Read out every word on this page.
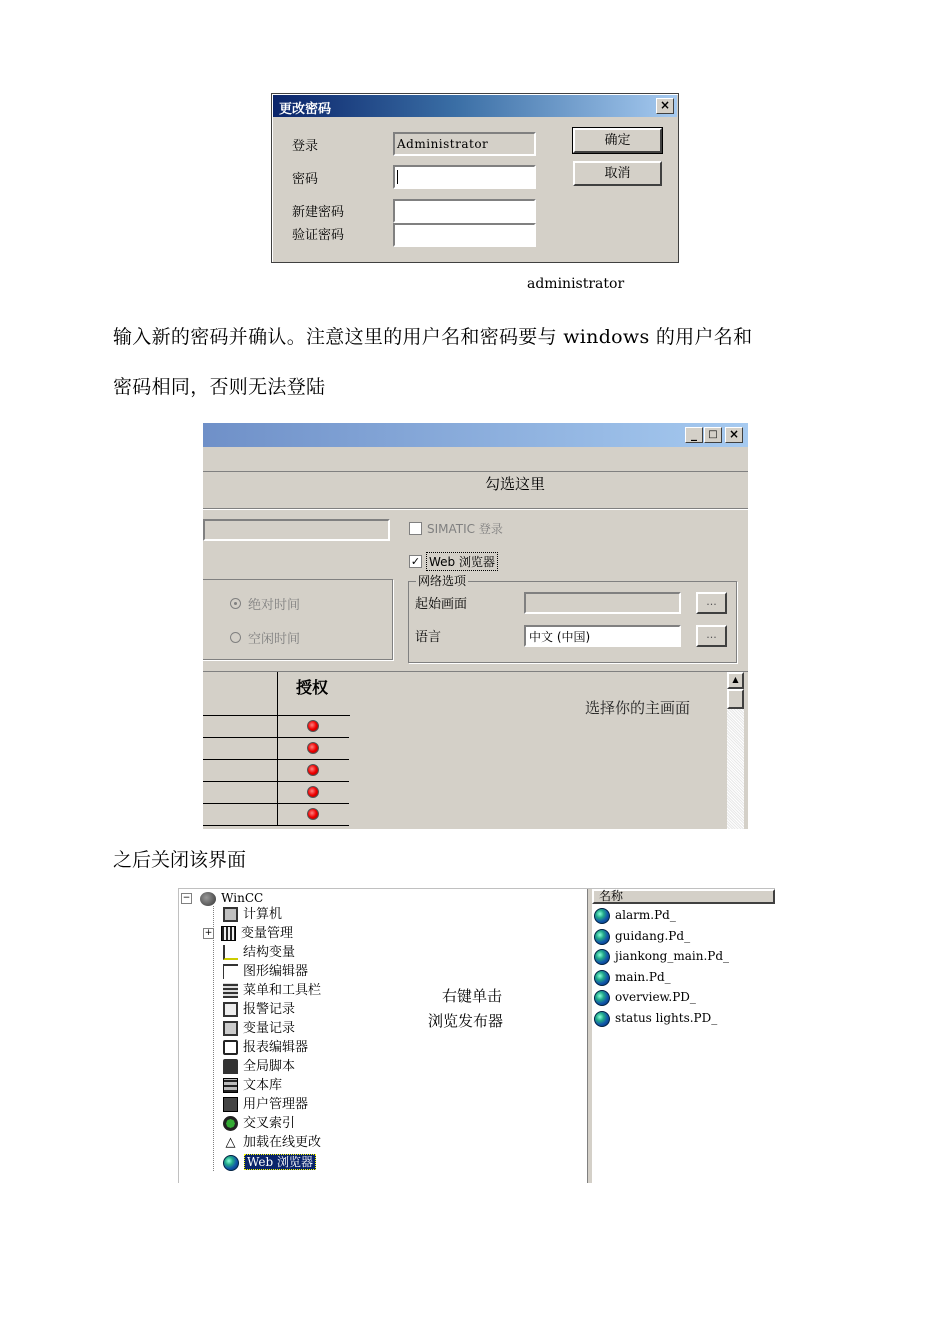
更改密码	×
登录	Administrator
密码
新建密码
验证密码
确定
取消
administrator
输入新的密码并确认。注意这里的用户名和密码要与 windows 的用户名和
密码相同，否则无法登陆
_	□ ×
勾选这里
SIMATIC 登录
✓ Web 浏览器
绝对时间
空闲时间
网络选项
起始画面	...
语言	中文 (中国)	...
授权
选择你的主画面
▲
之后关闭该界面
−	WinCC
计算机
+ 变量管理
结构变量
图形编辑器
菜单和工具栏
报警记录
变量记录
报表编辑器
全局脚本
文本库
用户管理器
交叉索引
△ 加载在线更改
Web 浏览器
右键单击
浏览发布器
名称
alarm.Pd_
guidang.Pd_
jiankong_main.Pd_
main.Pd_
overview.PD_
status lights.PD_
